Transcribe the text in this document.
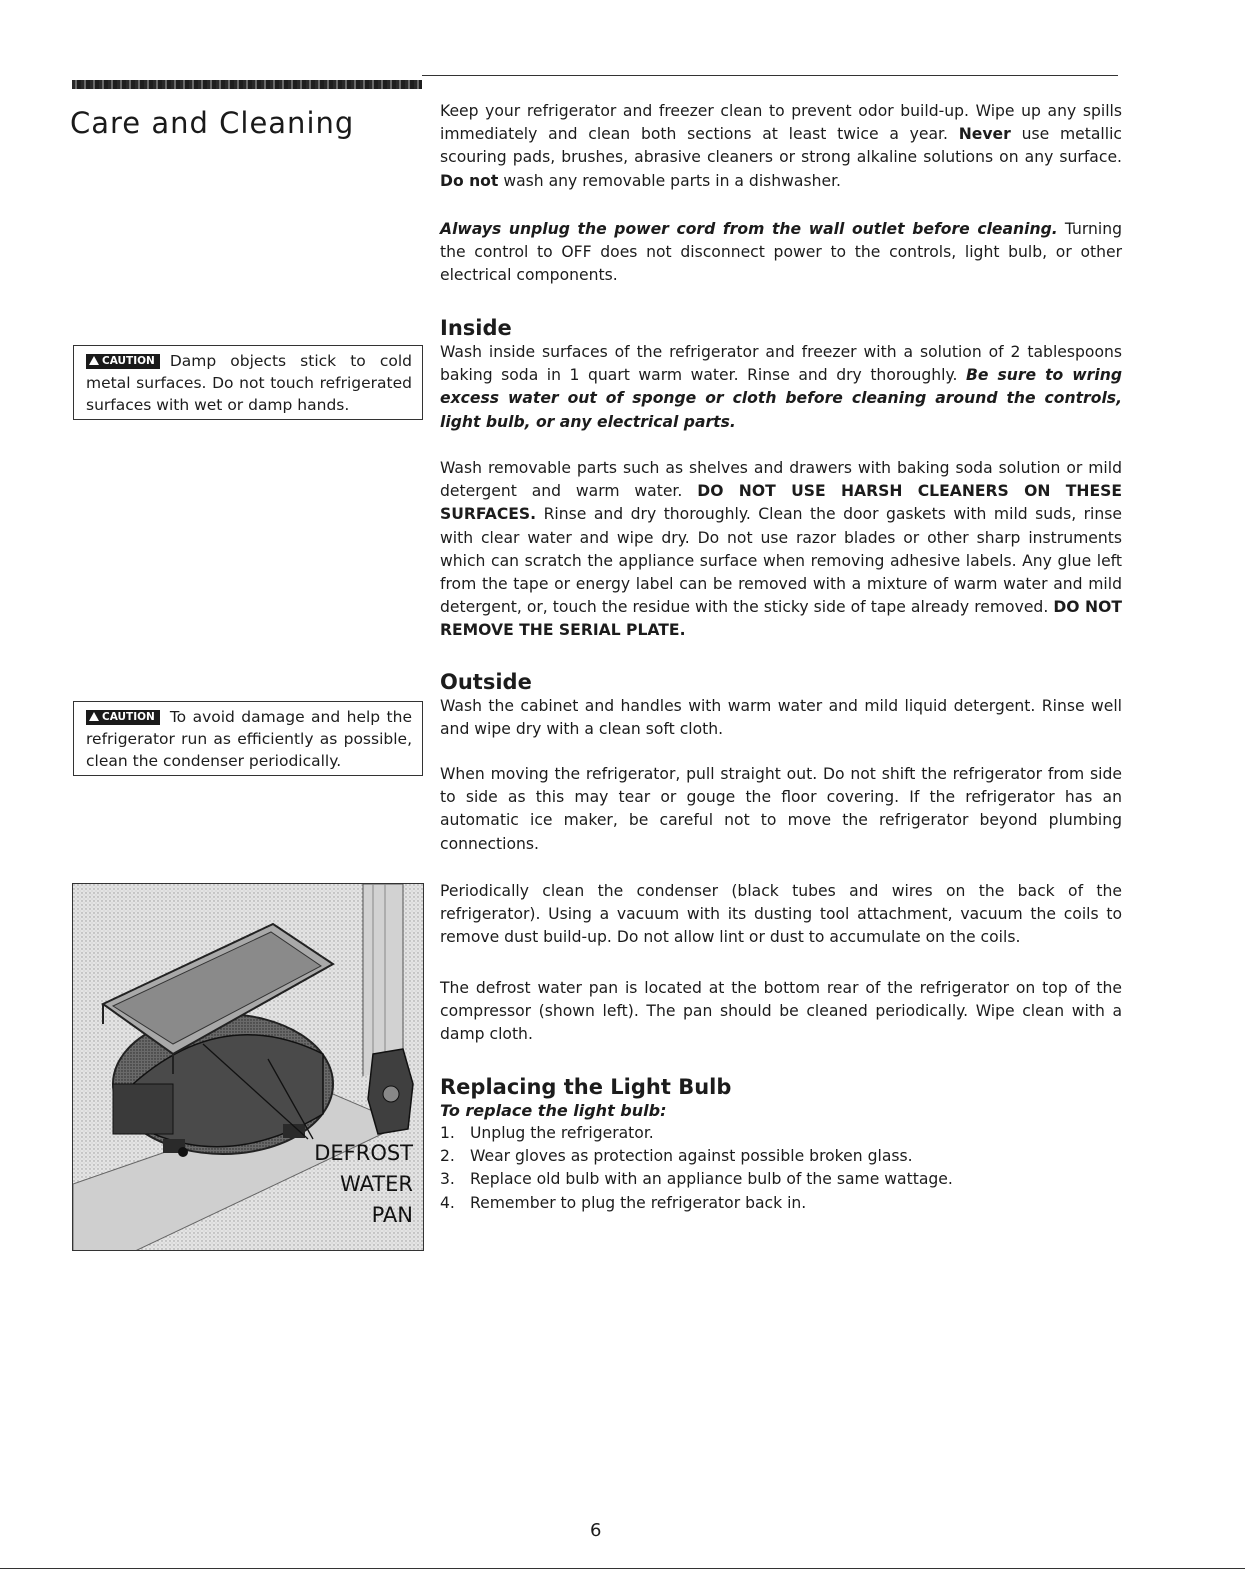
Care and Cleaning	Keep your refrigerator and freezer clean to prevent odor build-up. Wipe up any spills immediately and clean both sections at least twice a year. Never use metallic scouring pads, brushes, abrasive cleaners or strong alkaline solutions on any surface. Do not wash any removable parts in a dishwasher.

Always unplug the power cord from the wall outlet before cleaning. Turning the control to OFF does not disconnect power to the controls, light bulb, or other electrical components.

Inside

Wash inside surfaces of the refrigerator and freezer with a solution of 2 tablespoons baking soda in 1 quart warm water. Rinse and dry thoroughly. Be sure to wring excess water out of sponge or cloth before cleaning around the controls, light bulb, or any electrical parts.

Wash removable parts such as shelves and drawers with baking soda solution or mild detergent and warm water. DO NOT USE HARSH CLEANERS ON THESE SURFACES. Rinse and dry thoroughly. Clean the door gaskets with mild suds, rinse with clear water and wipe dry. Do not use razor blades or other sharp instruments which can scratch the appliance surface when removing adhesive labels. Any glue left from the tape or energy label can be removed with a mixture of warm water and mild detergent, or, touch the residue with the sticky side of tape already removed. DO NOT REMOVE THE SERIAL PLATE.

Outside

Wash the cabinet and handles with warm water and mild liquid detergent. Rinse well and wipe dry with a clean soft cloth.

When moving the refrigerator, pull straight out. Do not shift the refrigerator from side to side as this may tear or gouge the floor covering. If the refrigerator has an automatic ice maker, be careful not to move the refrigerator beyond plumbing connections.

Periodically clean the condenser (black tubes and wires on the back of the refrigerator). Using a vacuum with its dusting tool attachment, vacuum the coils to remove dust build-up. Do not allow lint or dust to accumulate on the coils.

The defrost water pan is located at the bottom rear of the refrigerator on top of the compressor (shown left). The pan should be cleaned periodically. Wipe clean with a damp cloth.

Replacing the Light Bulb
To replace the light bulb:
1. Unplug the refrigerator.
2. Wear gloves as protection against possible broken glass.
3. Replace old bulb with an appliance bulb of the same wattage.
4. Remember to plug the refrigerator back in.
CAUTION Damp objects stick to cold metal surfaces. Do not touch refrigerated surfaces with wet or damp hands.
CAUTION To avoid damage and help the refrigerator run as efficiently as possible, clean the condenser periodically.
DEFROST
WATER
PAN
6
